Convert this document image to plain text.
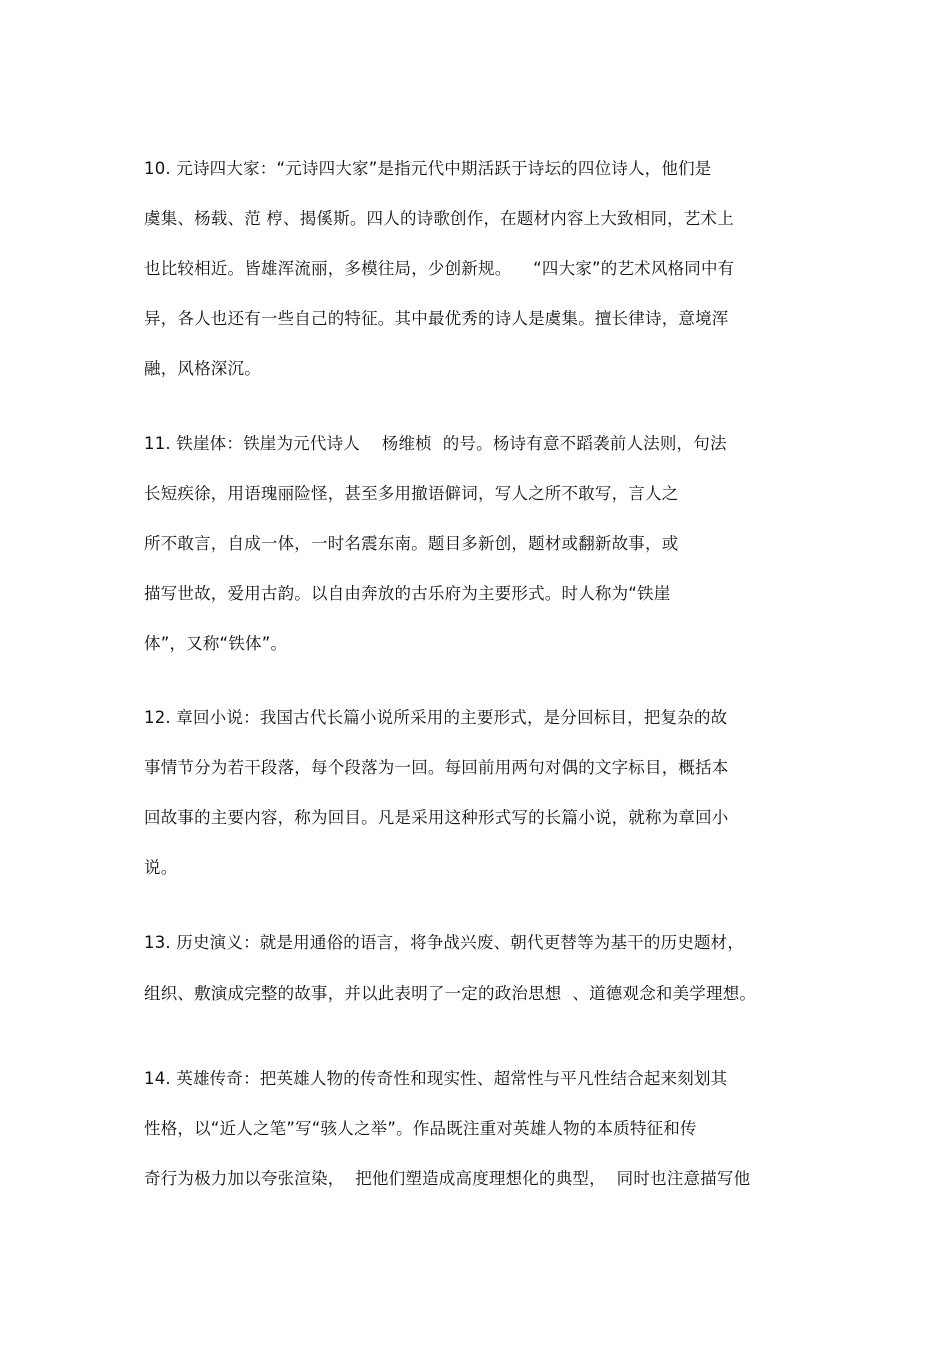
10. 元诗四大家：“元诗四大家”是指元代中期活跃于诗坛的四位诗人，他们是
虞集、杨载、范 梈、揭傒斯。四人的诗歌创作，在题材内容上大致相同，艺术上
也比较相近。皆雄浑流丽，多模往局，少创新规。    “四大家”的艺术风格同中有
异，各人也还有一些自己的特征。其中最优秀的诗人是虞集。擅长律诗，意境浑
融，风格深沉。
11. 铁崖体：铁崖为元代诗人    杨维桢  的号。杨诗有意不蹈袭前人法则，句法
长短疾徐，用语瑰丽险怪，甚至多用撤语僻词，写人之所不敢写，言人之
所不敢言，自成一体，一时名震东南。题目多新创，题材或翻新故事，或
描写世故，爱用古韵。以自由奔放的古乐府为主要形式。时人称为“铁崖
体”，又称“铁体”。
12. 章回小说：我国古代长篇小说所采用的主要形式，是分回标目，把复杂的故
事情节分为若干段落，每个段落为一回。每回前用两句对偶的文字标目，概括本
回故事的主要内容，称为回目。凡是采用这种形式写的长篇小说，就称为章回小
说。
13. 历史演义：就是用通俗的语言，将争战兴废、朝代更替等为基干的历史题材，
组织、敷演成完整的故事，并以此表明了一定的政治思想  、道德观念和美学理想。
14. 英雄传奇：把英雄人物的传奇性和现实性、超常性与平凡性结合起来刻划其
性格，以“近人之笔”写“骇人之举”。作品既注重对英雄人物的本质特征和传
奇行为极力加以夸张渲染，  把他们塑造成高度理想化的典型，  同时也注意描写他
